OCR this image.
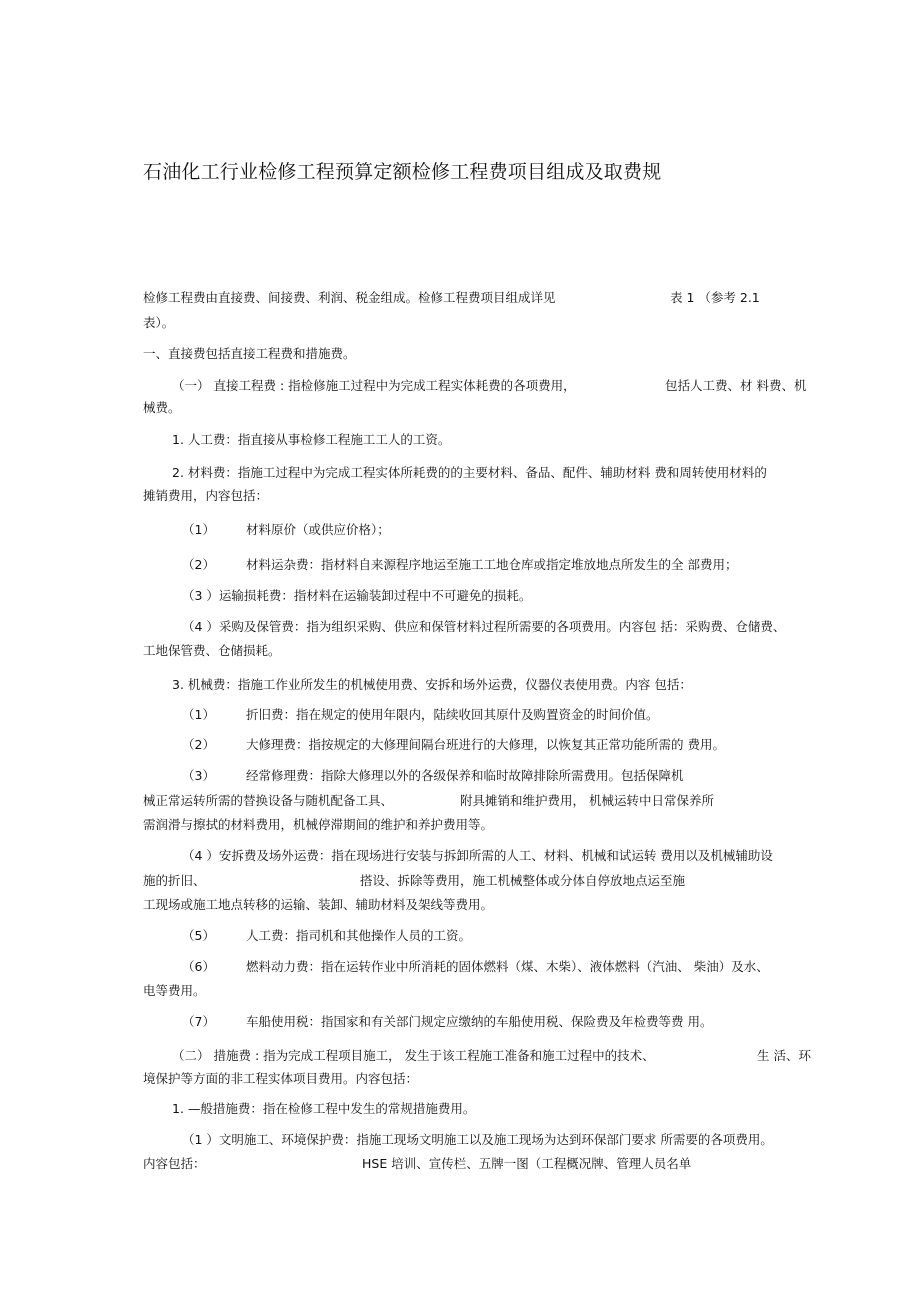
石油化工行业检修工程预算定额检修工程费项目组成及取费规
检修工程费由直接费、间接费、利润、税金组成。检修工程费项目组成详见	表 1 （参考 2.1
表）。
一、直接费包括直接工程费和措施费。
（一） 直接工程费 : 指检修施工过程中为完成工程实体耗费的各项费用，	包括人工费、材 料费、机
械费。
1. 人工费：指直接从事检修工程施工工人的工资。
2. 材料费：指施工过程中为完成工程实体所耗费的的主要材料、备品、配件、辅助材料 费和周转使用材料的
摊销费用，内容包括：
（1） 材料原价（或供应价格）；
（2） 材料运杂费：指材料自来源程序地运至施工工地仓库或指定堆放地点所发生的全 部费用；
（3 ）运输损耗费：指材料在运输装卸过程中不可避免的损耗。
（4 ）采购及保管费：指为组织采购、供应和保管材料过程所需要的各项费用。内容包 括：采购费、仓储费、
工地保管费、仓储损耗。
3. 机械费：指施工作业所发生的机械使用费、安拆和场外运费，仪器仪表使用费。内容 包括：
（1） 折旧费：指在规定的使用年限内，陆续收回其原什及购置资金的时间价值。
（2） 大修理费：指按规定的大修理间隔台班进行的大修理，以恢复其正常功能所需的 费用。
（3） 经常修理费：指除大修理以外的各级保养和临时故障排除所需费用。包括保障机
械正常运转所需的替换设备与随机配备工具、	附具摊销和维护费用， 机械运转中日常保养所
需润滑与擦拭的材料费用，机械停滞期间的维护和养护费用等。
（4 ）安拆费及场外运费：指在现场进行安装与拆卸所需的人工、材料、机械和试运转 费用以及机械辅助设
施的折旧、	搭设、拆除等费用，施工机械整体或分体自停放地点运至施
工现场或施工地点转移的运输、装卸、辅助材料及架线等费用。
（5） 人工费：指司机和其他操作人员的工资。
（6） 燃料动力费：指在运转作业中所消耗的固体燃料（煤、木柴）、液体燃料（汽油、 柴油）及水、
电等费用。
（7） 车船使用税：指国家和有关部门规定应缴纳的车船使用税、保险费及年检费等费 用。
（二） 措施费 : 指为完成工程项目施工， 发生于该工程施工准备和施工过程中的技术、	生 活、环
境保护等方面的非工程实体项目费用。内容包括：
1. —般措施费：指在检修工程中发生的常规措施费用。
（1 ）文明施工、环境保护费：指施工现场文明施工以及施工现场为达到环保部门要求 所需要的各项费用。
内容包括：	HSE 培训、宣传栏、五牌一图（工程概况牌、管理人员名单
